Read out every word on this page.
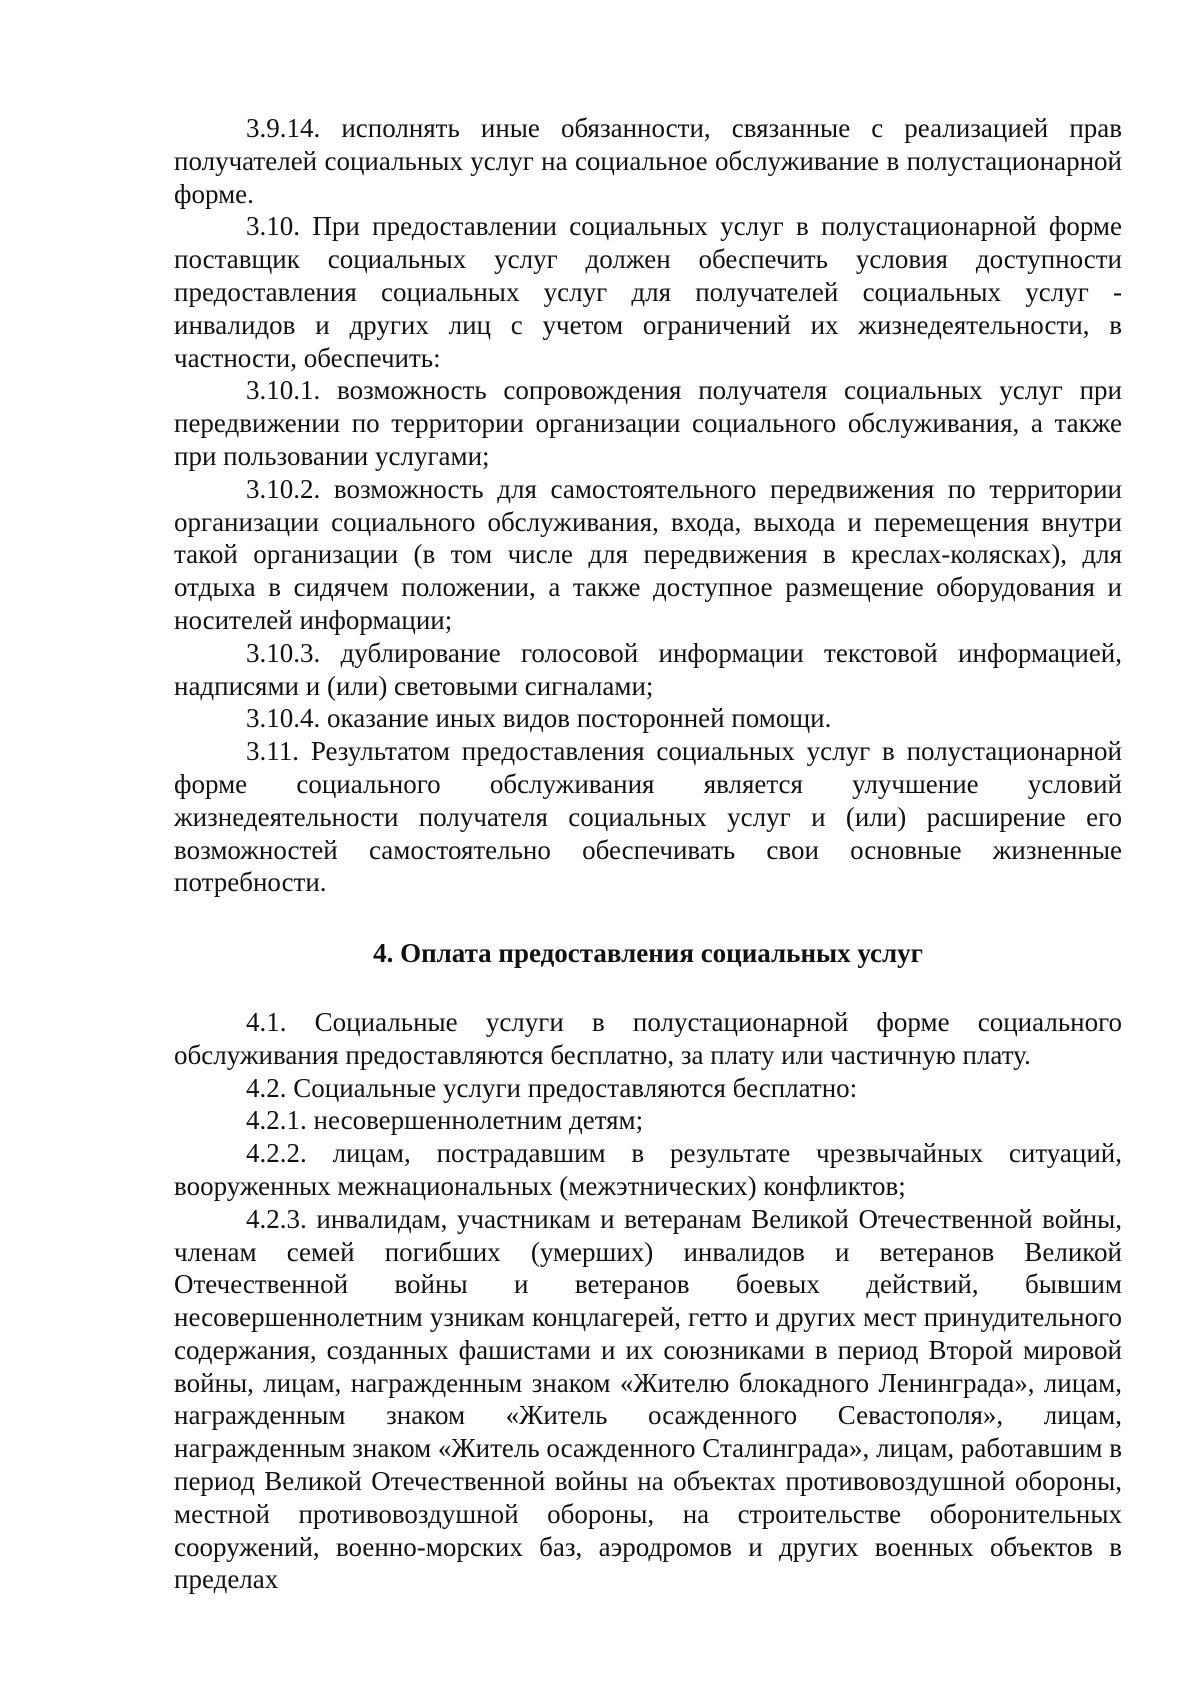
3.9.14. исполнять иные обязанности, связанные с реализацией прав получателей социальных услуг на социальное обслуживание в полустационарной форме.

3.10. При предоставлении социальных услуг в полустационарной форме поставщик социальных услуг должен обеспечить условия доступности предоставления социальных услуг для получателей социальных услуг - инвалидов и других лиц с учетом ограничений их жизнедеятельности, в частности, обеспечить:

3.10.1. возможность сопровождения получателя социальных услуг при передвижении по территории организации социального обслуживания, а также при пользовании услугами;

3.10.2. возможность для самостоятельного передвижения по территории организации социального обслуживания, входа, выхода и перемещения внутри такой организации (в том числе для передвижения в креслах-колясках), для отдыха в сидячем положении, а также доступное размещение оборудования и носителей информации;

3.10.3. дублирование голосовой информации текстовой информацией, надписями и (или) световыми сигналами;

3.10.4. оказание иных видов посторонней помощи.

3.11. Результатом предоставления социальных услуг в полустационарной форме социального обслуживания является улучшение условий жизнедеятельности получателя социальных услуг и (или) расширение его возможностей самостоятельно обеспечивать свои основные жизненные потребности.

4. Оплата предоставления социальных услуг

4.1. Социальные услуги в полустационарной форме социального обслуживания предоставляются бесплатно, за плату или частичную плату.

4.2. Социальные услуги предоставляются бесплатно:

4.2.1. несовершеннолетним детям;

4.2.2. лицам, пострадавшим в результате чрезвычайных ситуаций, вооруженных межнациональных (межэтнических) конфликтов;

4.2.3. инвалидам, участникам и ветеранам Великой Отечественной войны, членам семей погибших (умерших) инвалидов и ветеранов Великой Отечественной войны и ветеранов боевых действий, бывшим несовершеннолетним узникам концлагерей, гетто и других мест принудительного содержания, созданных фашистами и их союзниками в период Второй мировой войны, лицам, награжденным знаком «Жителю блокадного Ленинграда», лицам, награжденным знаком «Житель осажденного Севастополя», лицам, награжденным знаком «Житель осажденного Сталинграда», лицам, работавшим в период Великой Отечественной войны на объектах противовоздушной обороны, местной противовоздушной обороны, на строительстве оборонительных сооружений, военно-морских баз, аэродромов и других военных объектов в пределах
